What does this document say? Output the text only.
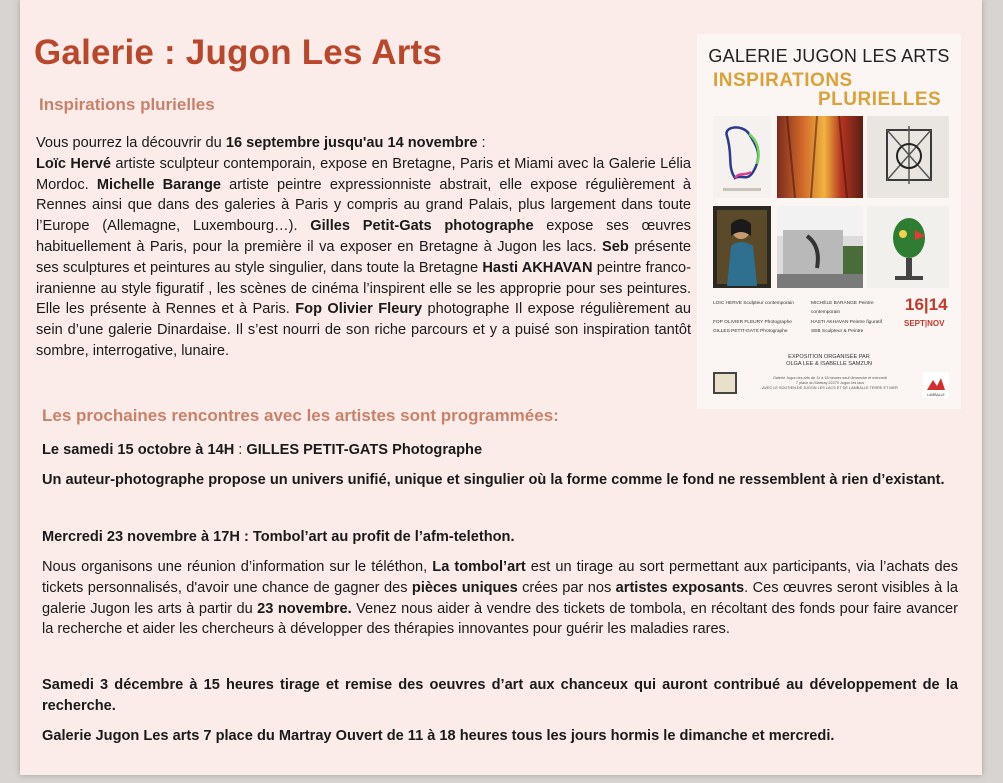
Galerie : Jugon Les Arts
Inspirations plurielles
Vous pourrez la découvrir du 16 septembre jusqu'au 14 novembre :
Loïc Hervé artiste sculpteur contemporain, expose en Bretagne, Paris et Miami avec la Galerie Lélia Mordoc. Michelle Barange artiste peintre expressionniste abstrait, elle expose régulièrement à Rennes ainsi que dans des galeries à Paris y compris au grand Palais, plus largement dans toute l’Europe (Allemagne, Luxembourg…). Gilles Petit-Gats photographe expose ses œuvres habituellement à Paris, pour la première il va exposer en Bretagne à Jugon les lacs. Seb présente ses sculptures et peintures au style singulier, dans toute la Bretagne Hasti AKHAVAN peintre franco-iranienne au style figuratif , les scènes de cinéma l’inspirent elle se les approprie pour ses peintures. Elle les présente à Rennes et à Paris. Fop Olivier Fleury photographe Il expose régulièrement au sein d’une galerie Dinardaise. Il s’est nourri de son riche parcours et y a puisé son inspiration tantôt sombre, interrogative, lunaire.
GALERIE JUGON LES ARTS
INSPIRATIONS
PLURIELLES
LOIC HERVE Sculpteur contemporain	MICHÈLE BARANGE Peintre contemporain
FOP OLIVIER FLEURY Photographe	HASTI AKHAVAN Peintre figuratif
GILLES PETIT-GATS Photographe	SEB Sculpteur & Peintre
16|14
SEPT|NOV
EXPOSITION ORGANISÉE PAR
OLGA LEE & ISABELLE SAMZUN
Galerie Jugon les arts de 11 à 18 heures sauf dimanche et mercredi
7 place du Martray 22270 Jugon les lacs
AVEC LE SOUTIEN DE JUGON LES LACS ET DE LAMBALLE TERRE ET MER
LAMBALLE
Les prochaines rencontres avec les artistes sont programmées:
Le samedi 15 octobre à 14H : GILLES PETIT-GATS Photographe
Un auteur-photographe propose un univers unifié, unique et singulier où la forme comme le fond ne ressemblent à rien d’existant.
Mercredi 23 novembre à 17H : Tombol’art au profit de l’afm-telethon.
Nous organisons une réunion d’information sur le téléthon, La tombol’art est un tirage au sort permettant aux participants, via l’achats des tickets personnalisés, d'avoir une chance de gagner des pièces uniques crées par nos artistes exposants. Ces œuvres seront visibles à la galerie Jugon les arts à partir du 23 novembre. Venez nous aider à vendre des tickets de tombola, en récoltant des fonds pour faire avancer la recherche et aider les chercheurs à développer des thérapies innovantes pour guérir les maladies rares.
Samedi 3 décembre à 15 heures tirage et remise des oeuvres d’art aux chanceux qui auront contribué au développement de la recherche.
Galerie Jugon Les arts 7 place du Martray Ouvert de 11 à 18 heures tous les jours hormis le dimanche et mercredi.
